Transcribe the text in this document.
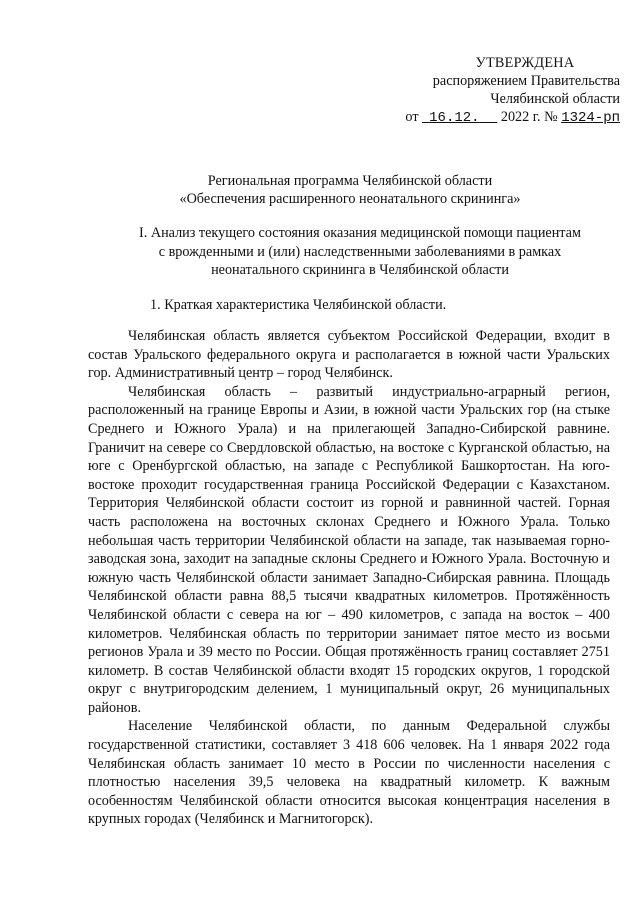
УТВЕРЖДЕНА
распоряжением Правительства
Челябинской области
от 16.12. 2022 г. № 1324-рп
Региональная программа Челябинской области
«Обеспечения расширенного неонатального скрининга»
I. Анализ текущего состояния оказания медицинской помощи пациентам
с врожденными и (или) наследственными заболеваниями в рамках
неонатального скрининга в Челябинской области
1. Краткая характеристика Челябинской области.

Челябинская область является субъектом Российской Федерации, входит в состав Уральского федерального округа и располагается в южной части Уральских гор. Административный центр – город Челябинск.

Челябинская область – развитый индустриально-аграрный регион, расположенный на границе Европы и Азии, в южной части Уральских гор (на стыке Среднего и Южного Урала) и на прилегающей Западно-Сибирской равнине. Граничит на севере со Свердловской областью, на востоке с Курганской областью, на юге с Оренбургской областью, на западе с Республикой Башкортостан. На юго-востоке проходит государственная граница Российской Федерации с Казахстаном. Территория Челябинской области состоит из горной и равнинной частей. Горная часть расположена на восточных склонах Среднего и Южного Урала. Только небольшая часть территории Челябинской области на западе, так называемая горно-заводская зона, заходит на западные склоны Среднего и Южного Урала. Восточную и южную часть Челябинской области занимает Западно-Сибирская равнина. Площадь Челябинской области равна 88,5 тысячи квадратных километров. Протяжённость Челябинской области с севера на юг – 490 километров, с запада на восток – 400 километров. Челябинская область по территории занимает пятое место из восьми регионов Урала и 39 место по России. Общая протяжённость границ составляет 2751 километр. В состав Челябинской области входят 15 городских округов, 1 городской округ с внутригородским делением, 1 муниципальный округ, 26 муниципальных районов.

Население Челябинской области, по данным Федеральной службы государственной статистики, составляет 3 418 606 человек. На 1 января 2022 года Челябинская область занимает 10 место в России по численности населения с плотностью населения 39,5 человека на квадратный километр. К важным особенностям Челябинской области относится высокая концентрация населения в крупных городах (Челябинск и Магнитогорск).
